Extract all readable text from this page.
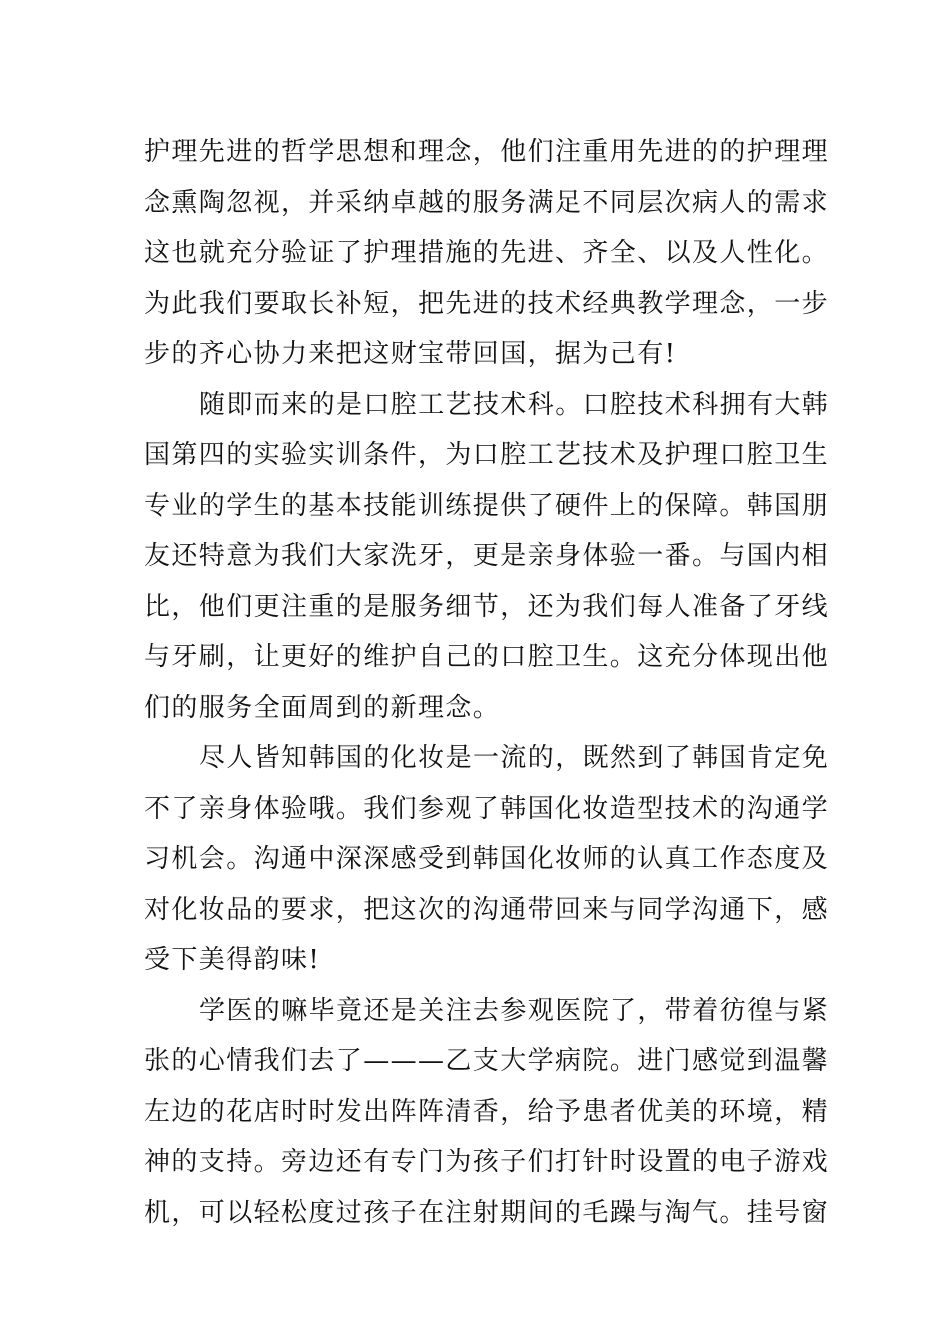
护理先进的哲学思想和理念，他们注重用先进的的护理理
念熏陶忽视，并采纳卓越的服务满足不同层次病人的需求
这也就充分验证了护理措施的先进、齐全、以及人性化。
为此我们要取长补短，把先进的技术经典教学理念，一步
步的齐心协力来把这财宝带回国，据为己有!
随即而来的是口腔工艺技术科。口腔技术科拥有大韩
国第四的实验实训条件，为口腔工艺技术及护理口腔卫生
专业的学生的基本技能训练提供了硬件上的保障。韩国朋
友还特意为我们大家洗牙，更是亲身体验一番。与国内相
比，他们更注重的是服务细节，还为我们每人准备了牙线
与牙刷，让更好的维护自己的口腔卫生。这充分体现出他
们的服务全面周到的新理念。
尽人皆知韩国的化妆是一流的，既然到了韩国肯定免
不了亲身体验哦。我们参观了韩国化妆造型技术的沟通学
习机会。沟通中深深感受到韩国化妆师的认真工作态度及
对化妆品的要求，把这次的沟通带回来与同学沟通下，感
受下美得韵味!
学医的嘛毕竟还是关注去参观医院了，带着彷徨与紧
张的心情我们去了———乙支大学病院。进门感觉到温馨
左边的花店时时发出阵阵清香，给予患者优美的环境，精
神的支持。旁边还有专门为孩子们打针时设置的电子游戏
机，可以轻松度过孩子在注射期间的毛躁与淘气。挂号窗
